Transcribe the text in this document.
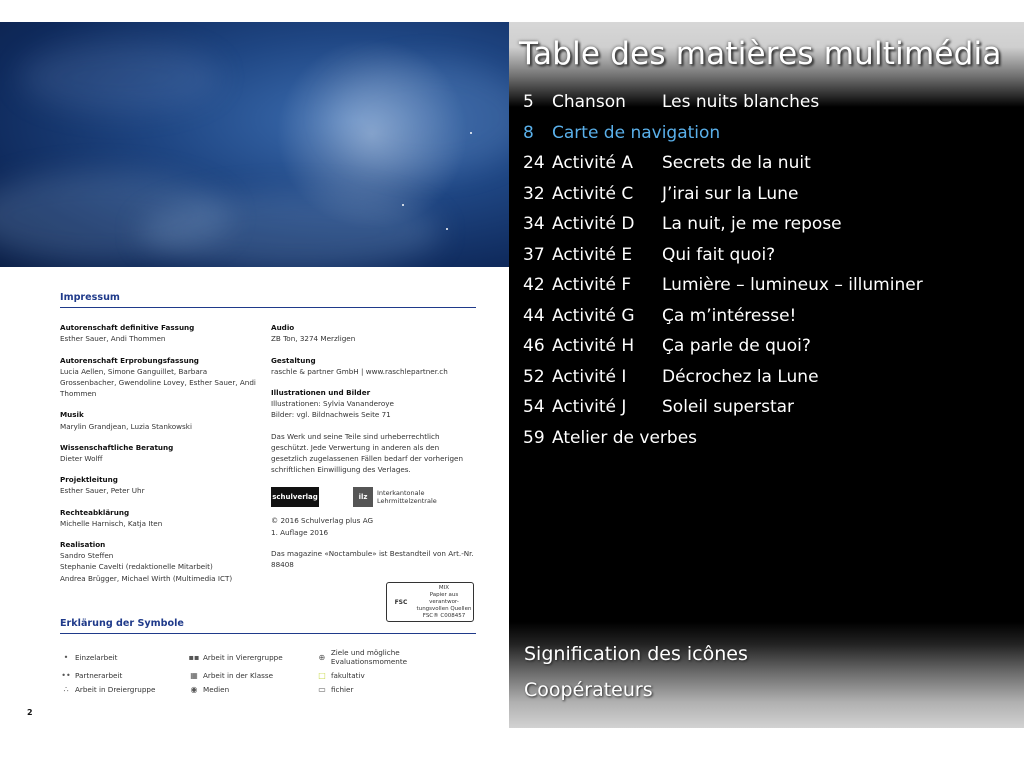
Impressum
Autorenschaft definitive Fassung
Esther Sauer, Andi Thommen
Autorenschaft Erprobungsfassung
Lucia Aellen, Simone Ganguillet, Barbara Grossenbacher, Gwendoline Lovey, Esther Sauer, Andi Thommen
Musik
Marylin Grandjean, Luzia Stankowski
Wissenschaftliche Beratung
Dieter Wolff
Projektleitung
Esther Sauer, Peter Uhr
Rechteabklärung
Michelle Harnisch, Katja Iten
Realisation
Sandro Steffen
Stephanie Cavelti (redaktionelle Mitarbeit)
Andrea Brügger, Michael Wirth (Multimedia ICT)
Audio
ZB Ton, 3274 Merzligen
Gestaltung
raschle & partner GmbH | www.raschlepartner.ch
Illustrationen und Bilder
Illustrationen: Sylvia Vananderoye
Bilder: vgl. Bildnachweis Seite 71
Das Werk und seine Teile sind urheberrechtlich geschützt. Jede Verwertung in anderen als den gesetzlich zugelassenen Fällen bedarf der vorherigen schriftlichen Einwilligung des Verlages.
schulverlag	ilz	Interkantonale
Lehrmittelzentrale
© 2016 Schulverlag plus AG
1. Auflage 2016
Das magazine «Noctambule» ist Bestandteil von Art.-Nr. 88408
FSC
MIX
Papier aus verantwor-
tungsvollen Quellen
FSC® C008457
Erklärung der Symbole
• Einzelarbeit	▪▪ Arbeit in Vierergruppe	⊕ Ziele und mögliche Evaluationsmomente
•• Partnerarbeit	▦ Arbeit in der Klasse	□ fakultativ
∴ Arbeit in Dreiergruppe	◉ Medien	▭ fichier
2
Table des matières multimédia
5 Chanson Les nuits blanches
8 Carte de navigation
24 Activité A Secrets de la nuit
32 Activité C J’irai sur la Lune
34 Activité D La nuit, je me repose
37 Activité E Qui fait quoi?
42 Activité F Lumière – lumineux – illuminer
44 Activité G Ça m’intéresse!
46 Activité H Ça parle de quoi?
52 Activité I Décrochez la Lune
54 Activité J Soleil superstar
59 Atelier de verbes
Signification des icônes
Coopérateurs
